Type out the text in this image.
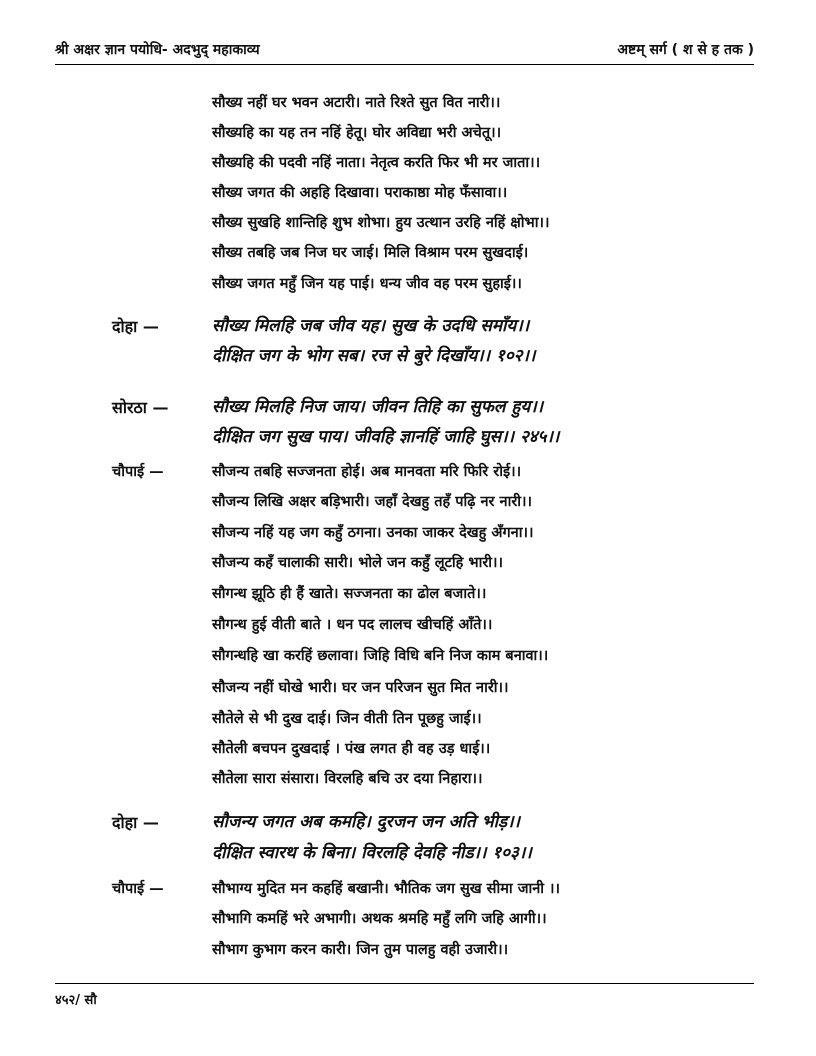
श्री अक्षर ज्ञान पयोधि- अदभुद् महाकाव्य	अष्टम् सर्ग ( श से ह तक )
सौख्य नहीं घर भवन अटारी। नाते रिश्ते सुत वित नारी।।
सौख्यहि का यह तन नहिं हेतू। घोर अविद्या भरी अचेतू।।
सौख्यहि की पदवी नहिं नाता। नेतृत्व करति फिर भी मर जाता।।
सौख्य जगत की अहहि दिखावा। पराकाष्ठा मोह फँसावा।।
सौख्य सुखहि शान्तिहि शुभ शोभा। हुय उत्थान उरहि नहिं क्षोभा।।
सौख्य तबहि जब निज घर जाई। मिलि विश्राम परम सुखदाई।
सौख्य जगत महुँ जिन यह पाई। धन्य जीव वह परम सुहाई।।
दोहा —	सौख्य मिलहि जब जीव यह। सुख के उदधि समाँय।।
दीक्षित जग के भोग सब। रज से बुरे दिखाँय।। १०२।।
सोरठा —	सौख्य मिलहि निज जाय। जीवन तिहि का सुफल हुय।।
दीक्षित जग सुख पाय। जीवहि ज्ञानहिं जाहि घुस।। २४५।।
चौपाई —	सौजन्य तबहि सज्जनता होई। अब मानवता मरि फिरि रोई।।
सौजन्य लिखि अक्षर बड़िभारी। जहाँ देखहु तहँ पढ़ि नर नारी।।
सौजन्य नहिं यह जग कहुँ ठगना। उनका जाकर देखहु अँगना।।
सौजन्य कहँ चालाकी सारी। भोले जन कहुँ लूटहि भारी।।
सौगन्ध झूठि ही हैं खाते। सज्जनता का ढोल बजाते।।
सौगन्ध हुई वीती बाते । धन पद लालच खीचहिं आँते।।
सौगन्धहि खा करहिं छलावा। जिहि विधि बनि निज काम बनावा।।
सौजन्य नहीं घोखे भारी। घर जन परिजन सुत मित नारी।।
सौतेले से भी दुख दाई। जिन वीती तिन पूछहु जाई।।
सौतेली बचपन दुखदाई । पंख लगत ही वह उड़ धाई।।
सौतेला सारा संसारा। विरलहि बचि उर दया निहारा।।
दोहा —	सौजन्य जगत अब कमहि। दुरजन जन अति भीड़।।
दीक्षित स्वारथ के बिना। विरलहि देवहि नीड।। १०३।।
चौपाई —	सौभाग्य मुदित मन कहहिं बखानी। भौतिक जग सुख सीमा जानी ।।
सौभागि कमहिं भरे अभागी। अथक श्रमहि महुँ लगि जहि आगी।।
सौभाग कुभाग करन कारी। जिन तुम पालहु वही उजारी।।
४५२/ सौ
